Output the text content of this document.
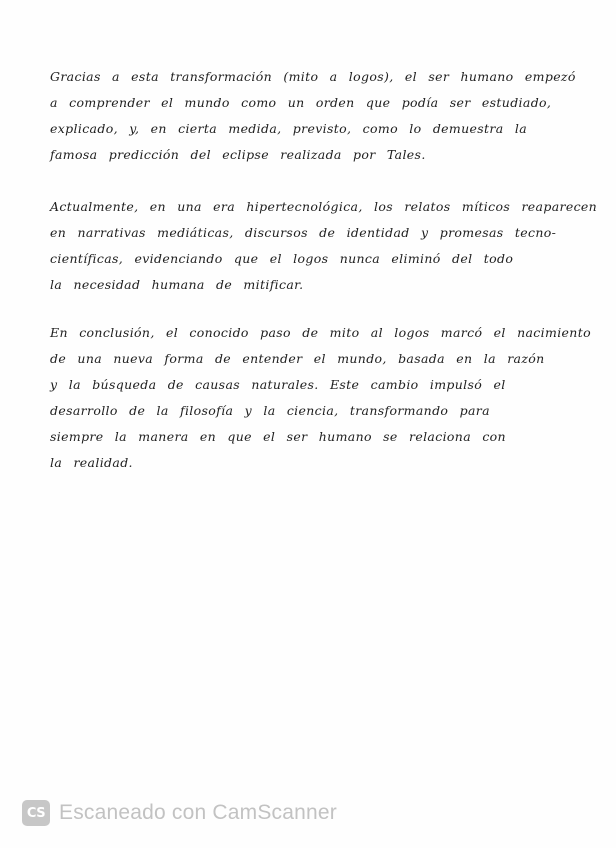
Gracias a esta transformación (mito a logos), el ser humano empezó
a comprender el mundo como un orden que podía ser estudiado,
explicado, y, en cierta medida, previsto, como lo demuestra la
famosa predicción del eclipse realizada por Tales.
Actualmente, en una era hipertecnológica, los relatos míticos reaparecen
en narrativas mediáticas, discursos de identidad y promesas tecno-
científicas, evidenciando que el logos nunca eliminó del todo
la necesidad humana de mitificar.
En conclusión, el conocido paso de mito al logos marcó el nacimiento
de una nueva forma de entender el mundo, basada en la razón
y la búsqueda de causas naturales. Este cambio impulsó el
desarrollo de la filosofía y la ciencia, transformando para
siempre la manera en que el ser humano se relaciona con
la realidad.
CS Escaneado con CamScanner
